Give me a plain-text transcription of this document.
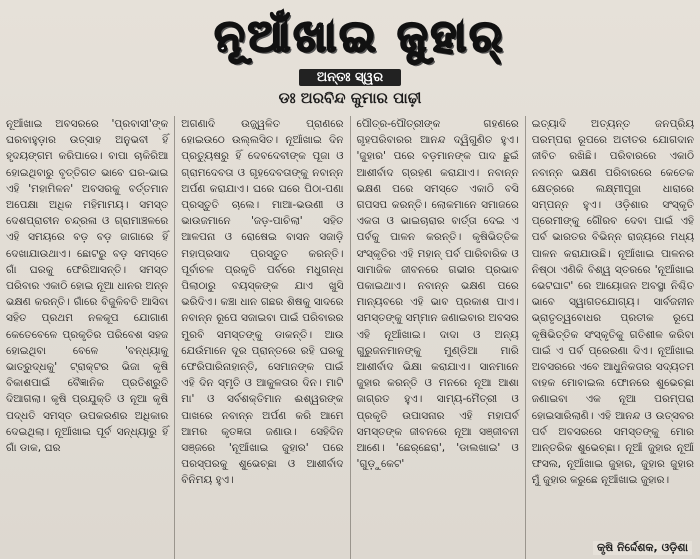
ନୂଆଁଖାଇ ଜୁହାର୍
ଅନ୍ତଃ ସ୍ୱର
ଡଃ ଅରବିନ୍ଦ କୁମାର ପାଢ଼ୀ

ନୂଆଁଖାଇ ଅବସରରେ 'ପ୍ରବାସୀ'ଙ୍କ ଘରବାହୁଡ଼ାର ଉତ୍ସାହ ଅନୁଭବୀ ହିଁ ହୃଦୟଙ୍ଗମ କରିପାରେ। ବାପା ଚାକିରିଆ ହୋଇଥିବାରୁ ବୃତ୍ତିଗତ ଭାବେ ଘର-ଭାଇ ଏହି 'ମହାମିଳନ' ଅବସରକୁ ବର୍ତ୍ତମାନ ଅପେକ୍ଷା ଅଧିକ ମହିମାମୟ। ସମସ୍ତ ଦେଶପ୍ରାଚୀନ ଚନ୍ଦ୍ରଳା ଓ ଗ୍ରାମାଞ୍ଚଳରେ ଏହି ସମୟରେ ବଡ଼ ବଡ଼ ଜାଗାରେ ହିଁ ଦେଖାଯାଉଥାଏ। ଛୋଟରୁ ବଡ଼ ସମସ୍ତେ ଗାଁ ଘରକୁ ଫେରିଆସନ୍ତି। ସମସ୍ତ ପରିବାର ଏକାଠି ହୋଇ ନୂଆ ଧାନର ଅନ୍ନ ଭକ୍ଷଣ କରନ୍ତି। ଗାଁରେ ବିଜୁଳିବତି ଆସିବା ସହିତ ପ୍ରଥମ ନଳକୂପ ଯୋଗାଣ କେତେବେଳେ ପ୍ରକୃତିର ପରିବେଶ ସହଜ ହୋଇଥିବା ବେଳେ 'ବନ୍ଧ୍ୟାକୁ ଭାତ୍ରୁଦ୍ଧକୁ' ଟ୍ରାକ୍ଟର ଭିଜା କୃଷି ବିକାଶପାଇଁ ବୈଜ୍ଞାନିକ ପ୍ରତିଶ୍ରୁତି ଦିଆଗଲା। କୃଷି ପ୍ରଯୁକ୍ତି ଓ ନୂଆ କୃଷି ପଦ୍ଧତି ସମସ୍ତ ଉପକରଣର ଅଧିକାର ଦେଇଥିଲା। ନୂଆଁଖାଇ ପୂର୍ବ ସନ୍ଧ୍ୟାରୁ ହିଁ ଗାଁ ଡାକ, ଘର

ଅଗଣାଦି ଉଜ୍ଜ୍ୱଳିତ ପ୍ରାଣରେ ହୋଇଉଠେ ଉଲ୍ଲସିତ। ନୂଆଁଖାଇ ଦିନ ପ୍ରତ୍ୟୁଷରୁ ହିଁ ଦେବଦେବୀଙ୍କ ପୂଜା ଓ ଗ୍ରାମଦେବତା ଓ ଗୃହଦେବତାଙ୍କୁ ନବାନ୍ନ ଅର୍ପଣ କରାଯାଏ। ଘରେ ଘରେ ପିଠା-ପଣା ପ୍ରସ୍ତୁତି ଚାଲେ। ମାଆ-ଭଉଣୀ ଓ ଭାଉଜମାନେ 'ଜଡ଼-ପାଚିଲା' ସହିତ ଆଳପନା ଓ ରୋଷେଇ ବାସନ ସଜାଡ଼ି ମହାପ୍ରସାଦ ପ୍ରସ୍ତୁତ କରନ୍ତି। ପୂର୍ବାଚଳ ପ୍ରକୃତି ପର୍ବରେ ମଧୁଗନ୍ଧ ପିଲାଠାରୁ ବୟସ୍କଙ୍କ ଯାଏ ଖୁସି ଭରିଦିଏ। କଞ୍ଚା ଧାନ ଗଛର ଶିଷକୁ ସାଦରେ ନବାନ୍ନ ରୂପେ ସଜାଇବା ପାଇଁ ପରିବାରର ମୁରବି ସମସ୍ତଙ୍କୁ ଡାକନ୍ତି। ଆଉ ଯେଉଁମାନେ ଦୂର ପ୍ରାନ୍ତରେ ରହି ଘରକୁ ଫେରିପାରିନାହାନ୍ତି, ସେମାନଙ୍କ ପାଇଁ ଏହି ଦିନ ସ୍ମୃତି ଓ ଆକୁଳତାର ଦିନ। ମାଟି ମା' ଓ ସର୍ବଶକ୍ତିମାନ ଈଶ୍ୱରଙ୍କ ପାଖରେ ନବାନ୍ନ ଅର୍ପଣ କରି ଆମେ ଆମର କୃତଜ୍ଞତା ଜଣାଉ। ସେହିଦିନ ସଞ୍ଜରେ 'ନୂଆଁଖାଇ ଜୁହାର' ପରେ ପରସ୍ପରକୁ ଶୁଭେଚ୍ଛା ଓ ଆଶୀର୍ବାଦ ବିନିମୟ ହୁଏ।

ପୌତ୍ର-ପୌତ୍ରୀଙ୍କ ଗହଣରେ ଗୃହପରିବାରର ଆନନ୍ଦ ଦ୍ୱିଗୁଣିତ ହୁଏ। 'ଜୁହାର' ପରେ ବଡ଼ମାନଙ୍କ ପାଦ ଛୁଇଁ ଆଶୀର୍ବାଦ ଗ୍ରହଣ କରାଯାଏ। ନବାନ୍ନ ଭକ୍ଷଣ ପରେ ସମସ୍ତେ ଏକାଠି ବସି ଗପସପ କରନ୍ତି। ଲୋକମାନେ ସମାଜରେ ଏକତା ଓ ଭାଇଚାରାର ବାର୍ତ୍ତା ଦେଇ ଏ ପର୍ବକୁ ପାଳନ କରନ୍ତି। କୃଷିଭିତ୍ତିକ ସଂସ୍କୃତିର ଏହି ମହାନ୍ ପର୍ବ ପାରିବାରିକ ଓ ସାମାଜିକ ଜୀବନରେ ଗଭୀର ପ୍ରଭାବ ପକାଇଥାଏ। ନବାନ୍ନ ଭକ୍ଷଣ ପରେ ମାନ୍ୟବରେ ଏହି ଭାବ ପ୍ରକାଶ ପାଏ। ସମସ୍ତଙ୍କୁ ସମ୍ମାନ ଜଣାଇବାର ଅବସର ଏହି ନୂଆଁଖାଇ। ଦାଦା ଓ ଅନ୍ୟ ଗୁରୁଜନମାନଙ୍କୁ ମୁଣ୍ଡିଆ ମାରି ଆଶୀର୍ବାଦ ଭିକ୍ଷା କରାଯାଏ। ସାନମାନେ ଜୁହାର କରନ୍ତି ଓ ମନରେ ନୂଆ ଆଶା ଜାଗ୍ରତ ହୁଏ। ସାମ୍ୟ-ମୈତ୍ରୀ ଓ ପ୍ରକୃତି ଉପାସନାର ଏହି ମହାପର୍ବ ସମସ୍ତଙ୍କ ଜୀବନରେ ନୂଆ ସଞ୍ଜୀବନୀ ଆଣେ। 'ଛେର୍‌ଛେରା', 'ଡାଲଖାଇ' ଓ 'ଗୁଡ଼ୁକେଟ'

ଇତ୍ୟାଦି ଅତ୍ୟନ୍ତ ଜନପ୍ରିୟ ପରମ୍ପରା ରୂପରେ ଅତୀତର ଯୋଗଦାନ ଜୀବିତ ରଖିଛି। ପରିବାରରେ ଏକାଠି ନବାନ୍ନ ଭକ୍ଷଣ ପରିବାରରେ କେତେକ କ୍ଷେତ୍ରରେ ଲକ୍ଷ୍ମୀପୂଜା ଧାରାରେ ସମ୍ପନ୍ନ ହୁଏ। ଓଡ଼ିଶାର ସଂସ୍କୃତି ପ୍ରେମୀଙ୍କୁ ଗୌରବ ଦେବା ପାଇଁ ଏହି ପର୍ବ ଭାରତର ବିଭିନ୍ନ ରାଜ୍ୟରେ ମଧ୍ୟ ପାଳନ କରାଯାଉଛି। ନୂଆଁଖାଇ ପାଳନର ନିଷ୍ଠା ଏଣିକି ବିଶ୍ୱ ସ୍ତରରେ 'ନୂଆଁଖାଇ ଭେଟଘାଟ' ରେ ଆୟୋଜନ ଅବସ୍ଥା ନିଶ୍ଚିତ ଭାବେ ସ୍ୱାଗତଯୋଗ୍ୟ। ସାର୍ବଜନୀନ ଭ୍ରାତୃତ୍ୱବୋଧର ପ୍ରତୀକ ରୂପେ କୃଷିଭିତ୍ତିକ ସଂସ୍କୃତିକୁ ଗତିଶୀଳ କରିବା ପାଇଁ ଏ ପର୍ବ ପ୍ରେରଣା ଦିଏ। ନୂଆଁଖାଇ ଅବସରରେ ଏବେ ଆଧୁନିକତାର ସଦ୍ୟତମ ବାହକ ମୋବାଇଲ ଫୋନରେ ଶୁଭେଚ୍ଛା ଜଣାଇବା ଏକ ନୂଆ ପରମ୍ପରା ହୋଇସାରିଲାଣି। ଏହି ଆନନ୍ଦ ଓ ଉତ୍ସବର ପର୍ବ ଅବସରରେ ସମସ୍ତଙ୍କୁ ମୋର ଆନ୍ତରିକ ଶୁଭେଚ୍ଛା। ନୂଆଁ ଜୁହାର ନୂଆଁ ଫସଲ, ନୂଆଁଖାଇ ଜୁହାର, ଜୁହାର ଜୁହାର ମୁଁ ଜୁହାର କରୁଛେ ନୂଆଁଖାଇ ଜୁହାର।

କୃଷି ନିର୍ଦ୍ଦେଶକ, ଓଡ଼ିଶା
